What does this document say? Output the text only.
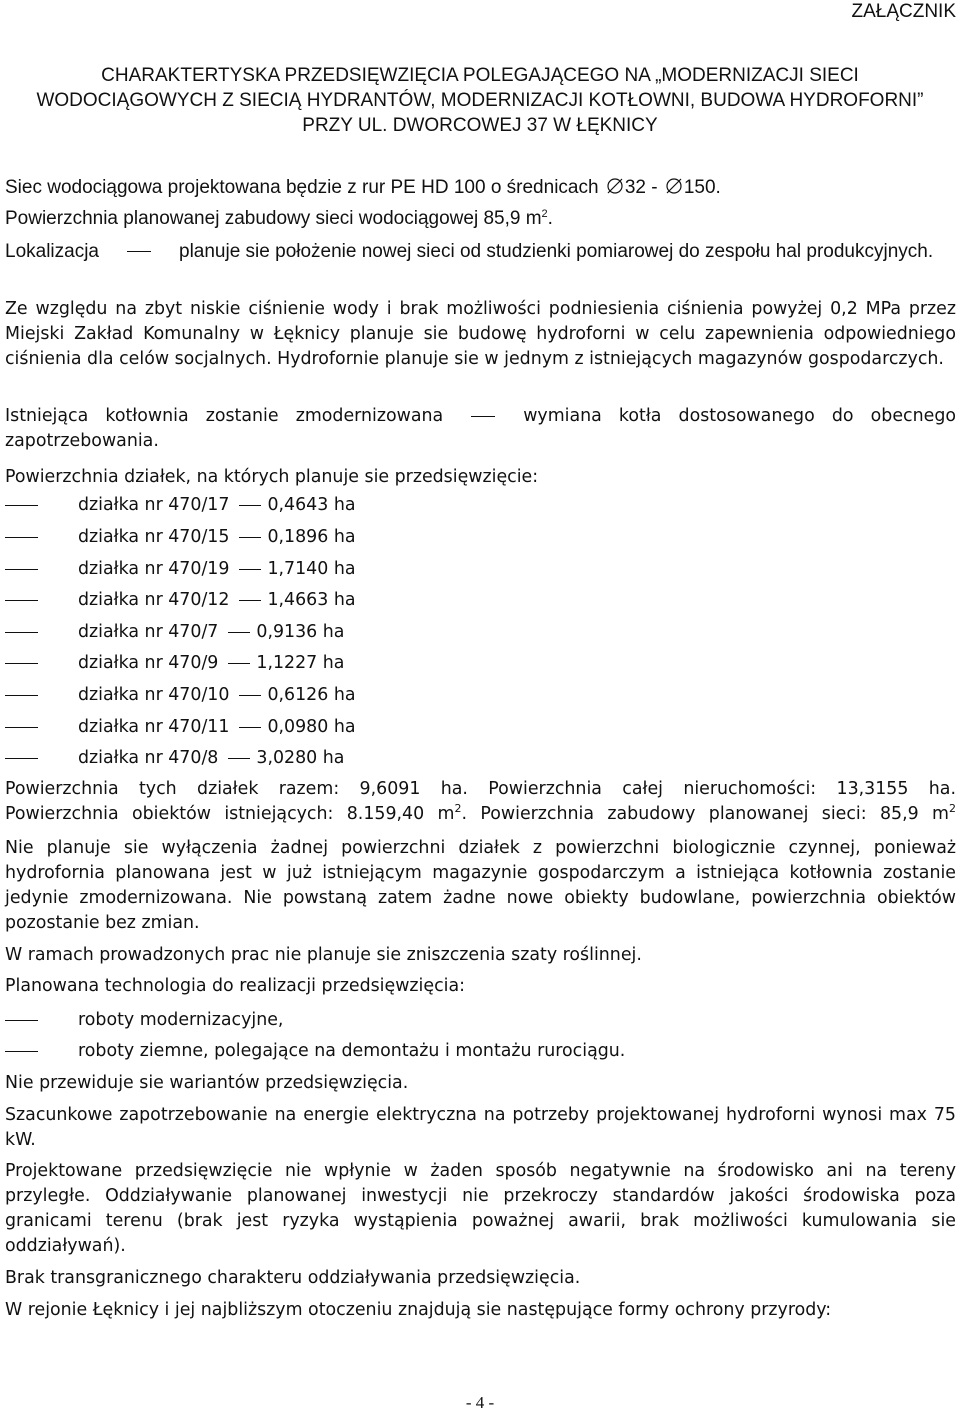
ZAŁĄCZNIK
CHARAKTERTYSKA PRZEDSIĘWZIĘCIA POLEGAJĄCEGO NA „MODERNIZACJI SIECI
WODOCIĄGOWYCH Z SIECIĄ HYDRANTÓW, MODERNIZACJI KOTŁOWNI, BUDOWA HYDROFORNI”
PRZY UL. DWORCOWEJ 37 W ŁĘKNICY

Siec wodociągowa projektowana będzie z rur PE HD 100 o średnicach 32 - 150.

Powierzchnia planowanej zabudowy sieci wodociągowej 85,9 $m^2$.

Lokalizacja	planuje sie położenie nowej sieci od studzienki pomiarowej do zespołu hal produkcyjnych.

Ze względu na zbyt niskie ciśnienie wody i brak możliwości podniesienia ciśnienia powyżej 0,2 MPa przez Miejski Zakład Komunalny w Łęknicy planuje sie budowę hydroforni w celu zapewnienia odpowiedniego ciśnienia dla celów socjalnych. Hydrofornie planuje sie w jednym z istniejących magazynów gospodarczych.

Istniejąca kotłownia zostanie zmodernizowana	wymiana kotła dostosowanego do obecnego zapotrzebowania.

Powierzchnia działek, na których planuje sie przedsięwzięcie:

działka nr 470/17 0,4643 ha
działka nr 470/15 0,1896 ha
działka nr 470/19 1,7140 ha
działka nr 470/12 1,4663 ha
działka nr 470/7 0,9136 ha
działka nr 470/9 1,1227 ha
działka nr 470/10 0,6126 ha
działka nr 470/11 0,0980 ha
działka nr 470/8 3,0280 ha
Powierzchnia tych działek razem: 9,6091 ha. Powierzchnia całej nieruchomości: 13,3155 ha.
Powierzchnia obiektów istniejących: 8.159,40 $m^2$. Powierzchnia zabudowy planowanej sieci: 85,9 $m^2$

Nie planuje sie wyłączenia żadnej powierzchni działek z powierzchni biologicznie czynnej, ponieważ hydrofornia planowana jest w już istniejącym magazynie gospodarczym a istniejąca kotłownia zostanie jedynie zmodernizowana. Nie powstaną zatem żadne nowe obiekty budowlane, powierzchnia obiektów pozostanie bez zmian.

W ramach prowadzonych prac nie planuje sie zniszczenia szaty roślinnej.

Planowana technologia do realizacji przedsięwzięcia:

roboty modernizacyjne,
roboty ziemne, polegające na demontażu i montażu rurociągu.

Nie przewiduje sie wariantów przedsięwzięcia.

Szacunkowe zapotrzebowanie na energie elektryczna na potrzeby projektowanej hydroforni wynosi max 75 kW.

Projektowane przedsięwzięcie nie wpłynie w żaden sposób negatywnie na środowisko ani na tereny przyległe. Oddziaływanie planowanej inwestycji nie przekroczy standardów jakości środowiska poza granicami terenu (brak jest ryzyka wystąpienia poważnej awarii, brak możliwości kumulowania sie oddziaływań).

Brak transgranicznego charakteru oddziaływania przedsięwzięcia.

W rejonie Łęknicy i jej najbliższym otoczeniu znajdują sie następujące formy ochrony przyrody:

- 4 -
